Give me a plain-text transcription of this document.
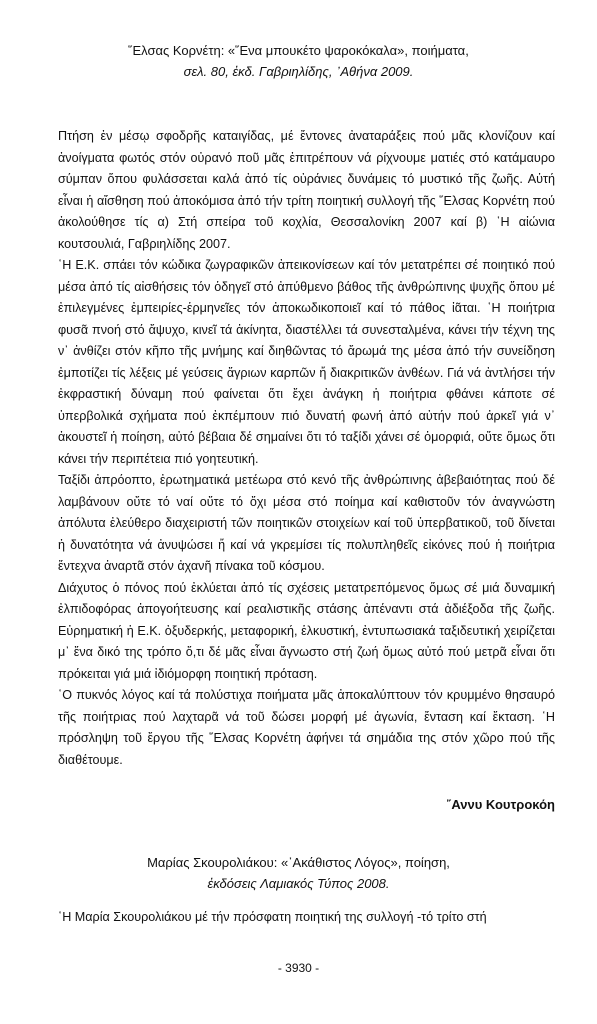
῞Ελσας Κορνέτη: «῞Ενα μπουκέτο ψαροκόκαλα», ποιήματα,
σελ. 80, ἐκδ. Γαβριηλίδης, ᾽Αθήνα 2009.

Πτήση ἐν μέσῳ σφοδρῆς καταιγίδας, μέ ἔντονες ἀναταράξεις πού μᾶς κλονίζουν καί ἀνοίγματα φωτός στόν οὐρανό ποῦ μᾶς ἐπιτρέπουν νά ρίχνουμε ματιές στό κατάμαυρο σύμπαν ὅπου φυλάσσεται καλά ἀπό τίς οὐράνιες δυνάμεις τό μυστικό τῆς ζωῆς. Αὐτή εἶναι ἡ αἴσθηση πού ἀποκόμισα ἀπό τήν τρίτη ποιητική συλλογή τῆς ῞Ελσας Κορνέτη πού ἀκολούθησε τίς α) Στή σπείρα τοῦ κοχλία, Θεσσαλονίκη 2007 καί β) ῾Η αἰώνια κουτσουλιά, Γαβριηλίδης 2007.

῾Η Ε.Κ. σπάει τόν κώδικα ζωγραφικῶν ἀπεικονίσεων καί τόν μετατρέπει σέ ποιητικό πού μέσα ἀπό τίς αἰσθήσεις τόν ὁδηγεῖ στό ἀπύθμενο βάθος τῆς ἀνθρώπινης ψυχῆς ὅπου μέ ἐπιλεγμένες ἐμπειρίες-ἑρμηνεῖες τόν ἀποκωδικοποιεῖ καί τό πάθος ἰᾶται. ῾Η ποιήτρια φυσᾶ πνοή στό ἄψυχο, κινεῖ τά ἀκίνητα, διαστέλλει τά συνεσταλμένα, κάνει τήν τέχνη της ν᾽ ἀνθίζει στόν κῆπο τῆς μνήμης καί διηθῶντας τό ἄρωμά της μέσα ἀπό τήν συνείδηση ἐμποτίζει τίς λέξεις μέ γεύσεις ἄγριων καρπῶν ἤ διακριτικῶν ἀνθέων. Γιά νά ἀντλήσει τήν ἐκφραστική δύναμη πού φαίνεται ὅτι ἔχει ἀνάγκη ἡ ποιήτρια φθάνει κάποτε σέ ὑπερβολικά σχήματα πού ἐκπέμπουν πιό δυνατή φωνή ἀπό αὐτήν πού ἀρκεῖ γιά ν᾽ ἀκουστεῖ ἡ ποίηση, αὐτό βέβαια δέ σημαίνει ὅτι τό ταξίδι χάνει σέ ὀμορφιά, οὔτε ὅμως ὅτι κάνει τήν περιπέτεια πιό γοητευτική.

Ταξίδι ἀπρόοπτο, ἐρωτηματικά μετέωρα στό κενό τῆς ἀνθρώπινης ἀβεβαιότητας πού δέ λαμβάνουν οὔτε τό ναί οὔτε τό ὄχι μέσα στό ποίημα καί καθιστοῦν τόν ἀναγνώστη ἀπόλυτα ἐλεύθερο διαχειριστή τῶν ποιητικῶν στοιχείων καί τοῦ ὑπερβατικοῦ, τοῦ δίνεται ἡ δυνατότητα νά ἀνυψώσει ἤ καί νά γκρεμίσει τίς πολυπληθεῖς εἰκόνες πού ἡ ποιήτρια ἔντεχνα ἀναρτᾶ στόν ἀχανῆ πίνακα τοῦ κόσμου.

Διάχυτος ὁ πόνος πού ἐκλύεται ἀπό τίς σχέσεις μετατρεπόμενος ὅμως σέ μιά δυναμική ἐλπιδοφόρας ἀπογοήτευσης καί ρεαλιστικῆς στάσης ἀπέναντι στά ἀδιέξοδα τῆς ζωῆς. Εὐρηματική ἡ Ε.Κ. ὀξυδερκής, μεταφορική, ἑλκυστική, ἐντυπωσιακά ταξιδευτική χειρίζεται μ᾽ ἕνα δικό της τρόπο ὅ,τι δέ μᾶς εἶναι ἄγνωστο στή ζωή ὅμως αὐτό πού μετρᾶ εἶναι ὅτι πρόκειται γιά μιά ἰδιόμορφη ποιητική πρόταση.

῾Ο πυκνός λόγος καί τά πολύστιχα ποιήματα μᾶς ἀποκαλύπτουν τόν κρυμμένο θησαυρό τῆς ποιήτριας πού λαχταρᾶ νά τοῦ δώσει μορφή μέ ἀγωνία, ἔνταση καί ἔκταση. ῾Η πρόσληψη τοῦ ἔργου τῆς ῞Ελσας Κορνέτη ἀφήνει τά σημάδια της στόν χῶρο πού τῆς διαθέτουμε.

῎Αννυ Κουτροκόη
Μαρίας Σκουρολιάκου: «᾽Ακάθιστος Λόγος», ποίηση,
ἐκδόσεις Λαμιακός Τύπος 2008.

῾Η Μαρία Σκουρολιάκου μέ τήν πρόσφατη ποιητική της συλλογή -τό τρίτο στή

- 3930 -
